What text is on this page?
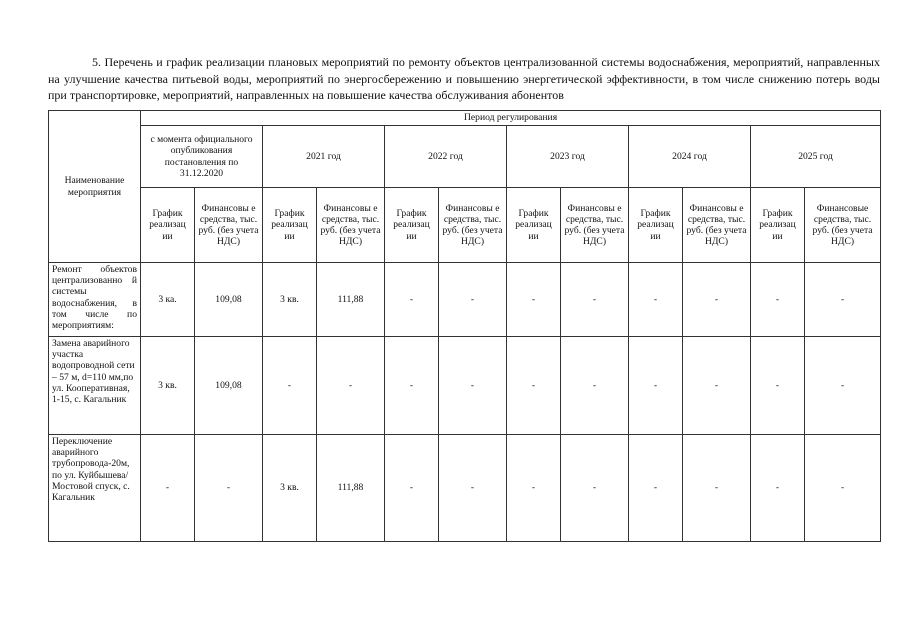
5. Перечень и график реализации плановых мероприятий по ремонту объектов централизованной системы водоснабжения, мероприятий, направленных на улучшение качества питьевой воды, мероприятий по энергосбережению и повышению энергетической эффективности, в том числе снижению потерь воды при транспортировке, мероприятий, направленных на повышение качества обслуживания абонентов

Наименование мероприятия	Период регулирования											
	с момента официального опубликования постановления по 31.12.2020		2021 год		2022 год		2023 год		2024 год		2025 год	
	График реализац ии	Финансовы е средства, тыс. руб. (без учета НДС)	График реализац ии	Финансовы е средства, тыс. руб. (без учета НДС)	График реализац ии	Финансовы е средства, тыс. руб. (без учета НДС)	График реализац ии	Финансовы е средства, тыс. руб. (без учета НДС)	График реализац ии	Финансовы е средства, тыс. руб. (без учета НДС)	График реализац ии	Финансовые средства, тыс. руб. (без учета НДС)
Ремонт объектов централизованно й системы водоснабжения, в том числе по мероприятиям:	3 ка.	109,08	3 кв.	111,88	-	-	-	-	-	-	-	-
Замена аварийного участка водопроводной сети – 57 м, d=110 мм,по ул. Кооперативная, 1-15, с. Кагальник	3 кв.	109,08	-	-	-	-	-	-	-	-	-	-
Переключение аварийного трубопровода-20м, по ул. Куйбышева/Мостовой спуск, с. Кагальник	-	-	3 кв.	111,88	-	-	-	-	-	-	-	-
